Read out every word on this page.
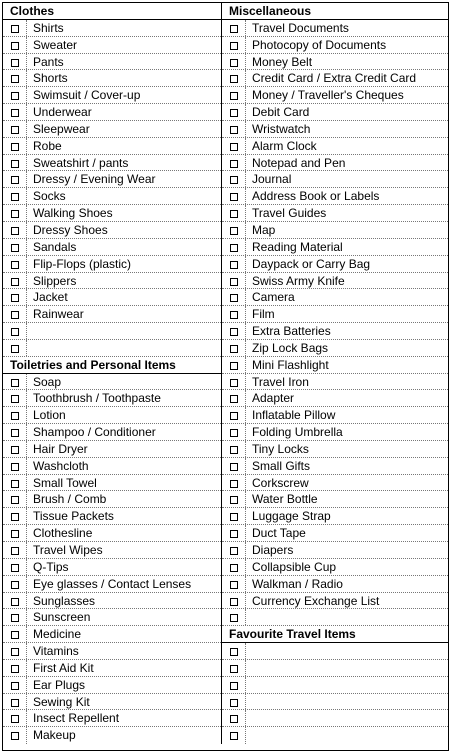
Clothes
Shirts
Sweater
Pants
Shorts
Swimsuit / Cover-up
Underwear
Sleepwear
Robe
Sweatshirt / pants
Dressy / Evening Wear
Socks
Walking Shoes
Dressy Shoes
Sandals
Flip-Flops (plastic)
Slippers
Jacket
Rainwear
Toiletries and Personal Items
Soap
Toothbrush / Toothpaste
Lotion
Shampoo / Conditioner
Hair Dryer
Washcloth
Small Towel
Brush / Comb
Tissue Packets
Clothesline
Travel Wipes
Q-Tips
Eye glasses / Contact Lenses
Sunglasses
Sunscreen
Medicine
Vitamins
First Aid Kit
Ear Plugs
Sewing Kit
Insect Repellent
Makeup
Miscellaneous
Travel Documents
Photocopy of Documents
Money Belt
Credit Card / Extra Credit Card
Money / Traveller's Cheques
Debit Card
Wristwatch
Alarm Clock
Notepad and Pen
Journal
Address Book or Labels
Travel Guides
Map
Reading Material
Daypack or Carry Bag
Swiss Army Knife
Camera
Film
Extra Batteries
Zip Lock Bags
Mini Flashlight
Travel Iron
Adapter
Inflatable Pillow
Folding Umbrella
Tiny Locks
Small Gifts
Corkscrew
Water Bottle
Luggage Strap
Duct Tape
Diapers
Collapsible Cup
Walkman / Radio
Currency Exchange List
Favourite Travel Items
